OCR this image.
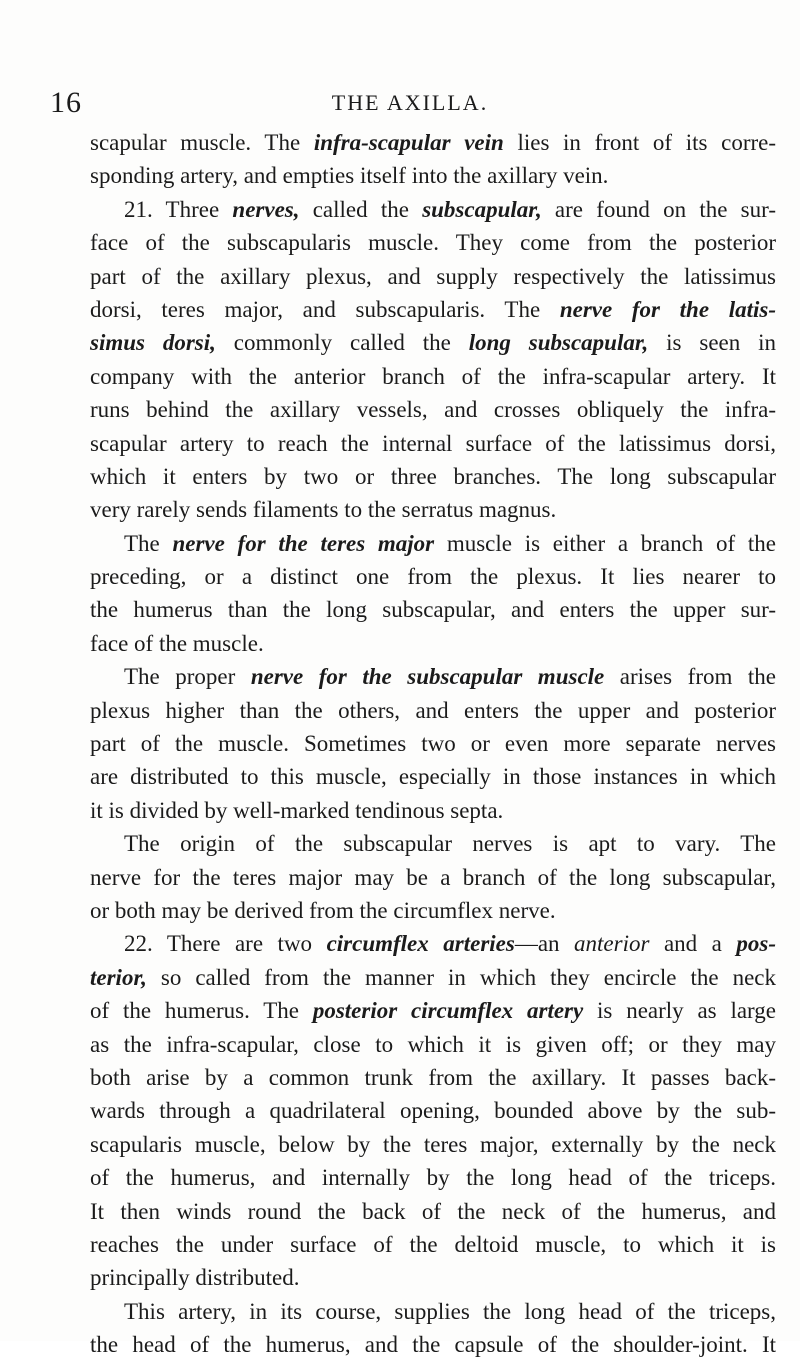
16	THE AXILLA.
scapular muscle. The infra-scapular vein lies in front of its corre-
sponding artery, and empties itself into the axillary vein.
21. Three nerves, called the subscapular, are found on the sur-
face of the subscapularis muscle. They come from the posterior
part of the axillary plexus, and supply respectively the latissimus
dorsi, teres major, and subscapularis. The nerve for the latis-
simus dorsi, commonly called the long subscapular, is seen in
company with the anterior branch of the infra-scapular artery. It
runs behind the axillary vessels, and crosses obliquely the infra-
scapular artery to reach the internal surface of the latissimus dorsi,
which it enters by two or three branches. The long subscapular
very rarely sends filaments to the serratus magnus.
The nerve for the teres major muscle is either a branch of the
preceding, or a distinct one from the plexus. It lies nearer to
the humerus than the long subscapular, and enters the upper sur-
face of the muscle.
The proper nerve for the subscapular muscle arises from the
plexus higher than the others, and enters the upper and posterior
part of the muscle. Sometimes two or even more separate nerves
are distributed to this muscle, especially in those instances in which
it is divided by well-marked tendinous septa.
The origin of the subscapular nerves is apt to vary. The
nerve for the teres major may be a branch of the long subscapular,
or both may be derived from the circumflex nerve.
22. There are two circumflex arteries—an anterior and a pos-
terior, so called from the manner in which they encircle the neck
of the humerus. The posterior circumflex artery is nearly as large
as the infra-scapular, close to which it is given off; or they may
both arise by a common trunk from the axillary. It passes back-
wards through a quadrilateral opening, bounded above by the sub-
scapularis muscle, below by the teres major, externally by the neck
of the humerus, and internally by the long head of the triceps.
It then winds round the back of the neck of the humerus, and
reaches the under surface of the deltoid muscle, to which it is
principally distributed.
This artery, in its course, supplies the long head of the triceps,
the head of the humerus, and the capsule of the shoulder-joint. It
